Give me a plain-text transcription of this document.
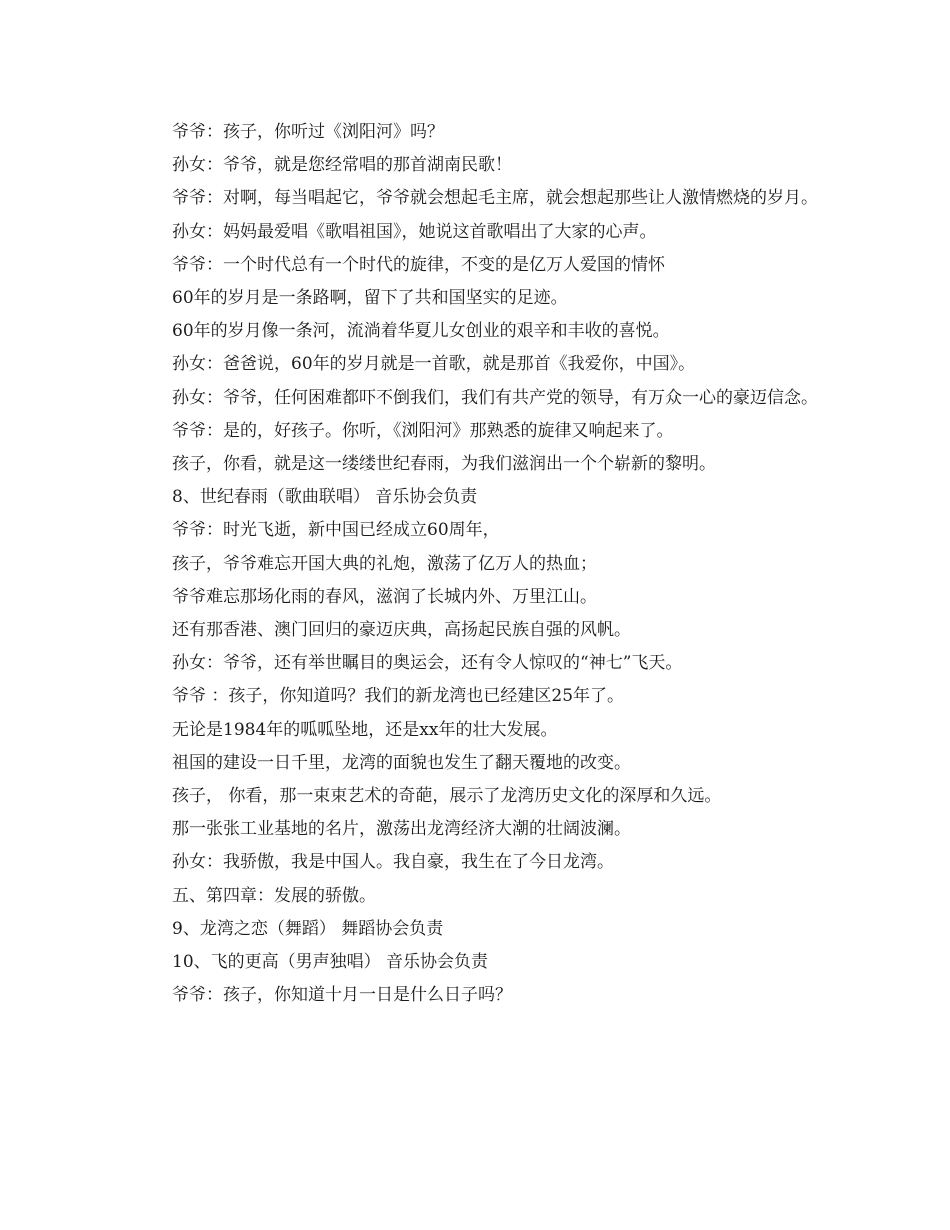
爷爷：孩子，你听过《浏阳河》吗？

孙女：爷爷，就是您经常唱的那首湖南民歌！

爷爷：对啊，每当唱起它，爷爷就会想起毛主席，就会想起那些让人激情燃烧的岁月。

孙女：妈妈最爱唱《歌唱祖国》，她说这首歌唱出了大家的心声。

爷爷：一个时代总有一个时代的旋律，不变的是亿万人爱国的情怀

60年的岁月是一条路啊，留下了共和国坚实的足迹。

60年的岁月像一条河，流淌着华夏儿女创业的艰辛和丰收的喜悦。

孙女：爸爸说，60年的岁月就是一首歌，就是那首《我爱你，中国》。

孙女：爷爷，任何困难都吓不倒我们，我们有共产党的领导，有万众一心的豪迈信念。

爷爷：是的，好孩子。你听，《浏阳河》那熟悉的旋律又响起来了。

孩子，你看，就是这一缕缕世纪春雨，为我们滋润出一个个崭新的黎明。

8、世纪春雨（歌曲联唱） 音乐协会负责

爷爷：时光飞逝，新中国已经成立60周年，

孩子，爷爷难忘开国大典的礼炮，激荡了亿万人的热血；

爷爷难忘那场化雨的春风，滋润了长城内外、万里江山。

还有那香港、澳门回归的豪迈庆典，高扬起民族自强的风帆。

孙女：爷爷，还有举世瞩目的奥运会，还有令人惊叹的“神七”飞天。

爷爷 ：孩子，你知道吗？我们的新龙湾也已经建区25年了。

无论是1984年的呱呱坠地，还是xx年的壮大发展。

祖国的建设一日千里，龙湾的面貌也发生了翻天覆地的改变。

孩子， 你看，那一束束艺术的奇葩，展示了龙湾历史文化的深厚和久远。

那一张张工业基地的名片，激荡出龙湾经济大潮的壮阔波澜。

孙女：我骄傲，我是中国人。我自豪，我生在了今日龙湾。

五、第四章：发展的骄傲。

9、龙湾之恋（舞蹈） 舞蹈协会负责

10、飞的更高（男声独唱） 音乐协会负责

爷爷：孩子，你知道十月一日是什么日子吗？
